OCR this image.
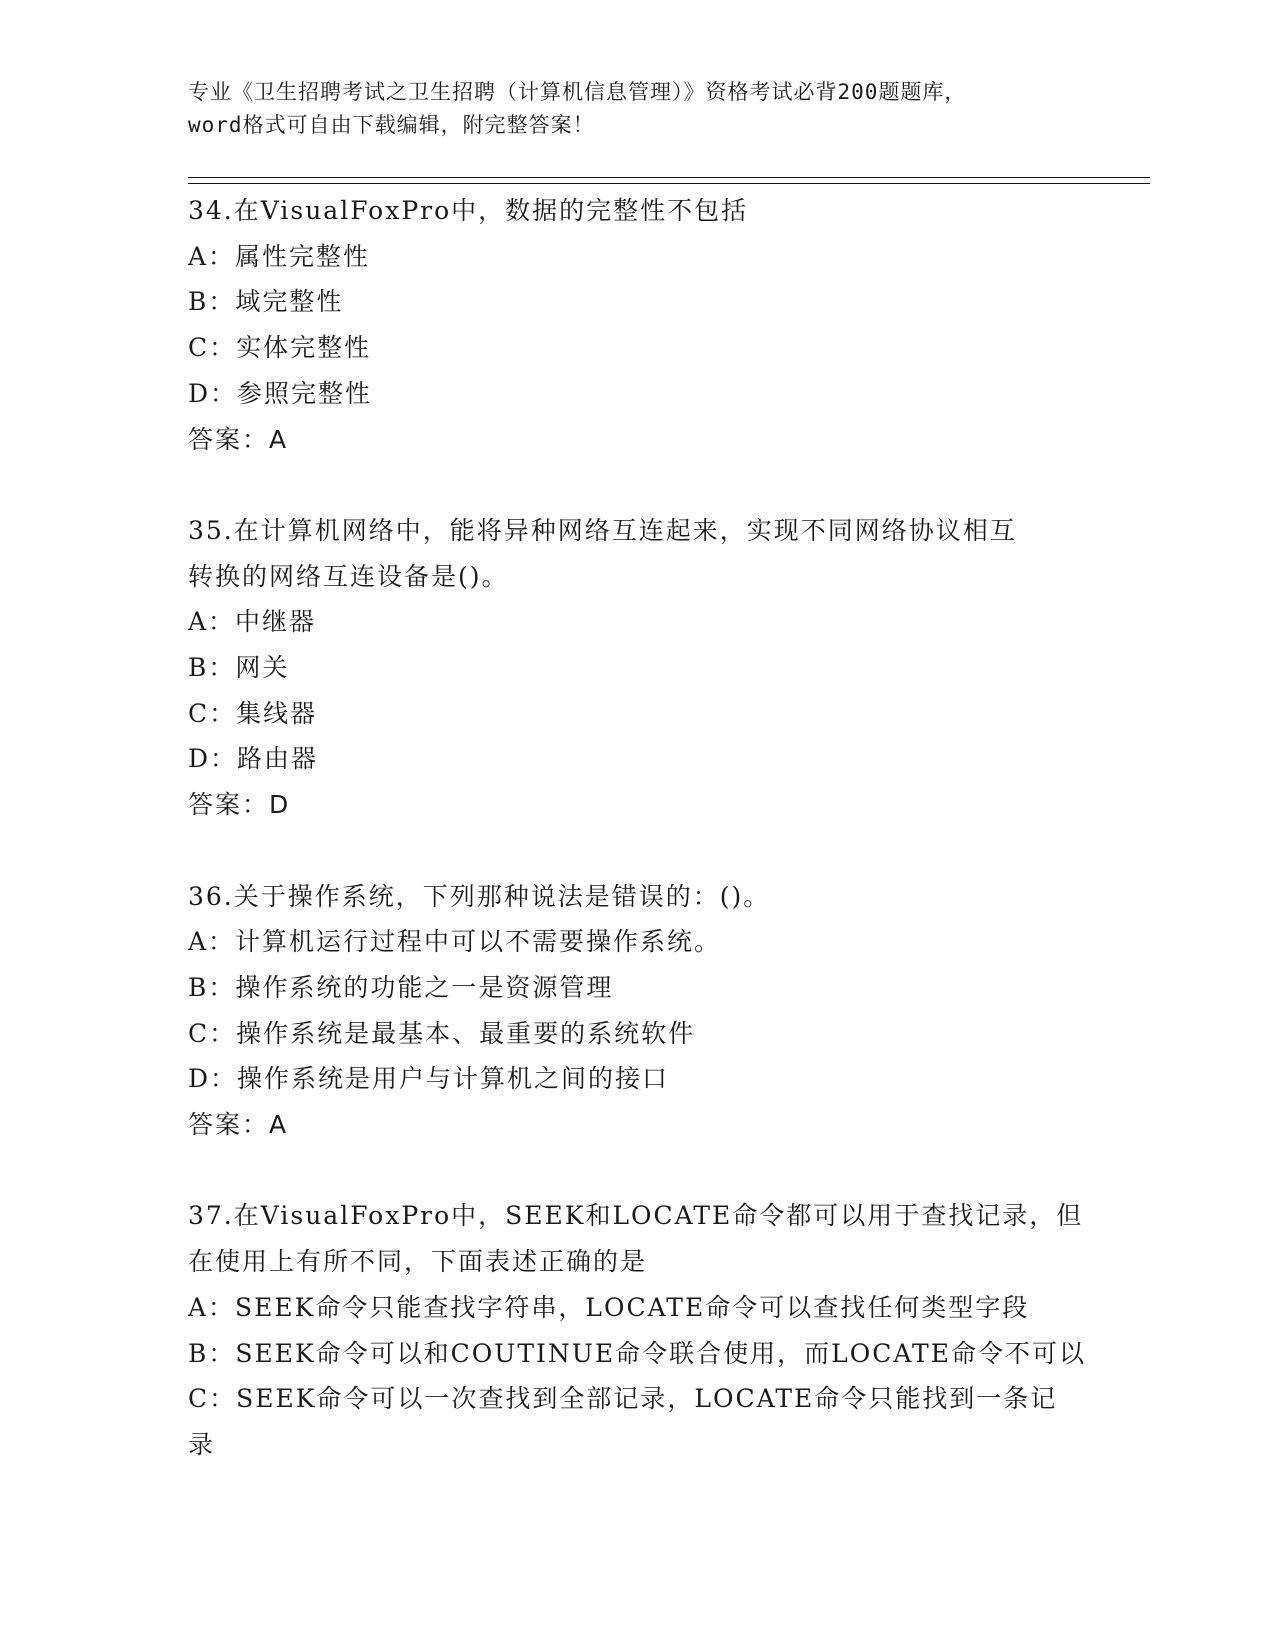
专业《卫生招聘考试之卫生招聘（计算机信息管理）》资格考试必背200题题库，
word格式可自由下载编辑，附完整答案！
34.在VisualFoxPro中，数据的完整性不包括
A：属性完整性
B：域完整性
C：实体完整性
D：参照完整性
答案：A
35.在计算机网络中，能将异种网络互连起来，实现不同网络协议相互
转换的网络互连设备是()。
A：中继器
B：网关
C：集线器
D：路由器
答案：D
36.关于操作系统，下列那种说法是错误的：()。
A：计算机运行过程中可以不需要操作系统。
B：操作系统的功能之一是资源管理
C：操作系统是最基本、最重要的系统软件
D：操作系统是用户与计算机之间的接口
答案：A
37.在VisualFoxPro中，SEEK和LOCATE命令都可以用于查找记录，但
在使用上有所不同，下面表述正确的是
A：SEEK命令只能查找字符串，LOCATE命令可以查找任何类型字段
B：SEEK命令可以和COUTINUE命令联合使用，而LOCATE命令不可以
C：SEEK命令可以一次查找到全部记录，LOCATE命令只能找到一条记
录
